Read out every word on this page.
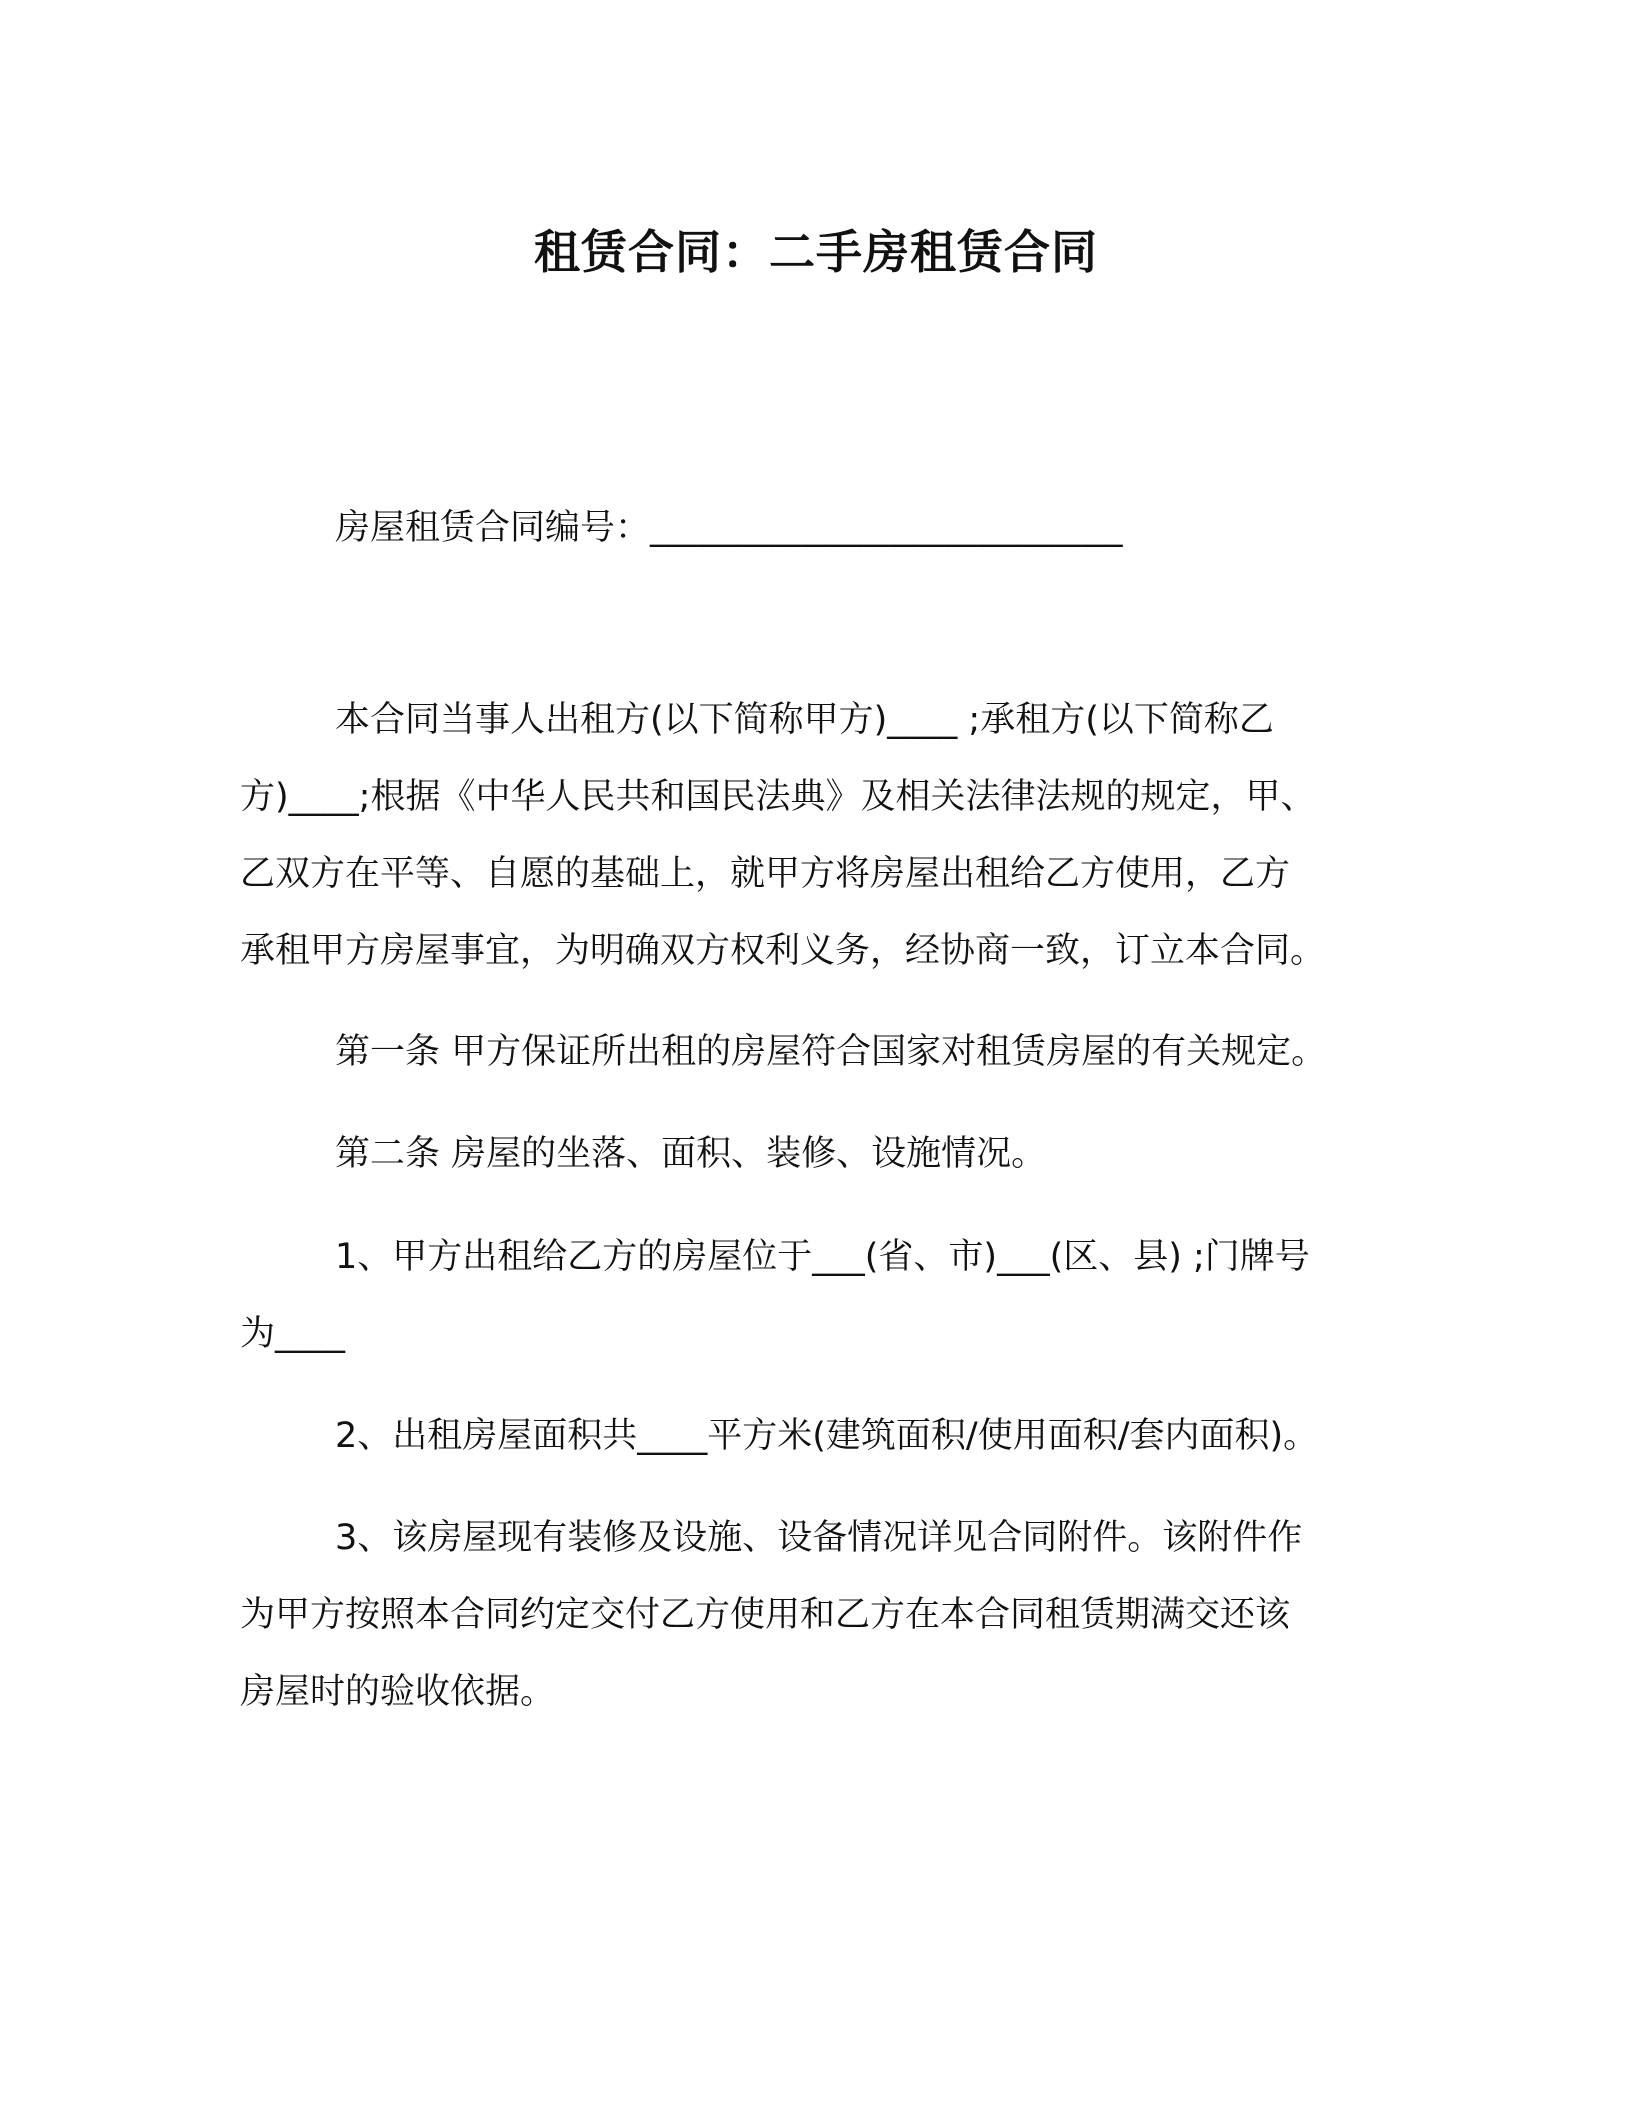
租赁合同：二手房租赁合同
房屋租赁合同编号：___________________________
本合同当事人出租方(以下简称甲方)____ ;承租方(以下简称乙
方)____;根据《中华人民共和国民法典》及相关法律法规的规定，甲、
乙双方在平等、自愿的基础上，就甲方将房屋出租给乙方使用，乙方
承租甲方房屋事宜，为明确双方权利义务，经协商一致，订立本合同。
第一条 甲方保证所出租的房屋符合国家对租赁房屋的有关规定。
第二条 房屋的坐落、面积、装修、设施情况。
1、甲方出租给乙方的房屋位于___(省、市)___(区、县) ;门牌号
为____
2、出租房屋面积共____平方米(建筑面积/使用面积/套内面积)。
3、该房屋现有装修及设施、设备情况详见合同附件。该附件作
为甲方按照本合同约定交付乙方使用和乙方在本合同租赁期满交还该
房屋时的验收依据。
